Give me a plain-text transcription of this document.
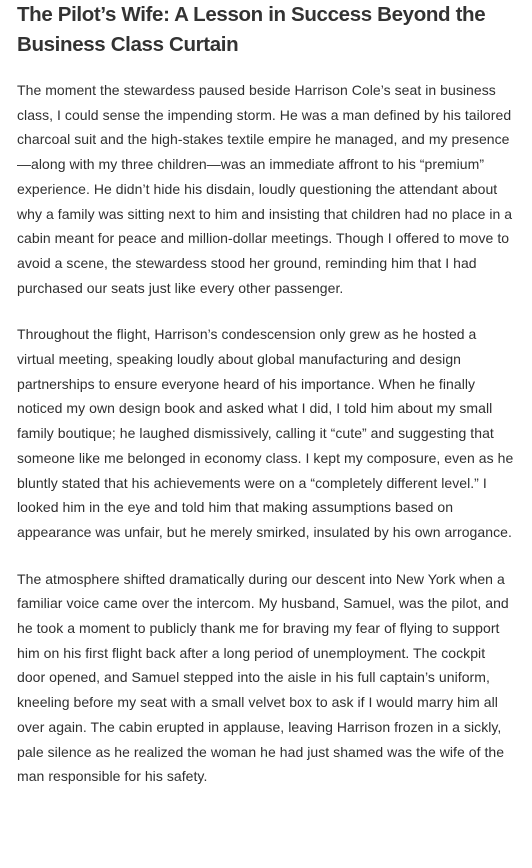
The Pilot’s Wife: A Lesson in Success Beyond the Business Class Curtain

The moment the stewardess paused beside Harrison Cole’s seat in business class, I could sense the impending storm. He was a man defined by his tailored charcoal suit and the high-stakes textile empire he managed, and my presence—along with my three children—was an immediate affront to his “premium” experience. He didn’t hide his disdain, loudly questioning the attendant about why a family was sitting next to him and insisting that children had no place in a cabin meant for peace and million-dollar meetings. Though I offered to move to avoid a scene, the stewardess stood her ground, reminding him that I had purchased our seats just like every other passenger.

Throughout the flight, Harrison’s condescension only grew as he hosted a virtual meeting, speaking loudly about global manufacturing and design partnerships to ensure everyone heard of his importance. When he finally noticed my own design book and asked what I did, I told him about my small family boutique; he laughed dismissively, calling it “cute” and suggesting that someone like me belonged in economy class. I kept my composure, even as he bluntly stated that his achievements were on a “completely different level.” I looked him in the eye and told him that making assumptions based on appearance was unfair, but he merely smirked, insulated by his own arrogance.

The atmosphere shifted dramatically during our descent into New York when a familiar voice came over the intercom. My husband, Samuel, was the pilot, and he took a moment to publicly thank me for braving my fear of flying to support him on his first flight back after a long period of unemployment. The cockpit door opened, and Samuel stepped into the aisle in his full captain’s uniform, kneeling before my seat with a small velvet box to ask if I would marry him all over again. The cabin erupted in applause, leaving Harrison frozen in a sickly, pale silence as he realized the woman he had just shamed was the wife of the man responsible for his safety.
